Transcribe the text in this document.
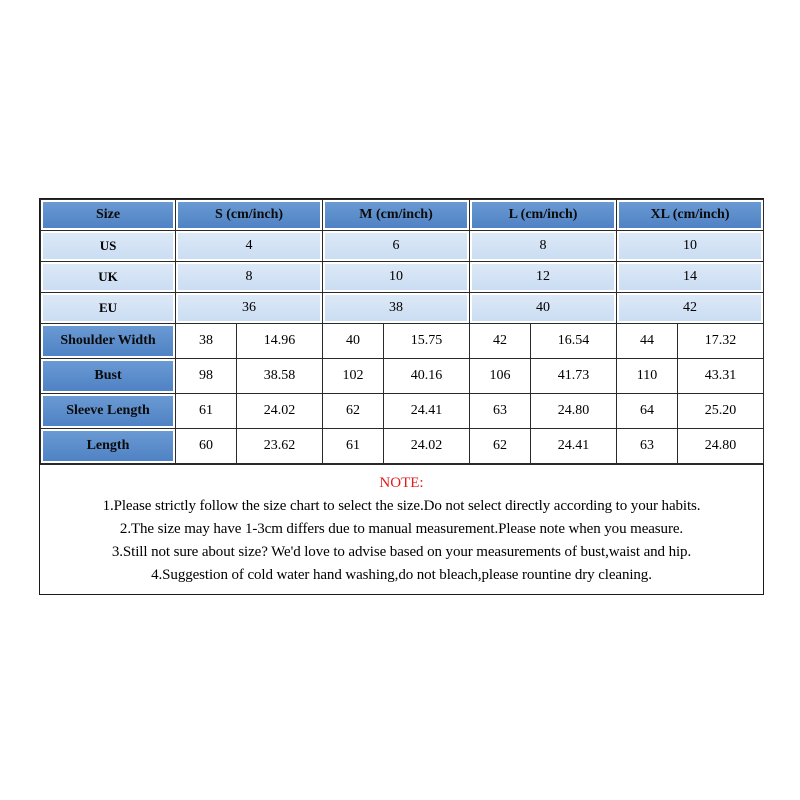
Size	S (cm/inch)		M (cm/inch)		L (cm/inch)		XL (cm/inch)	
US	4		6		8		10	
UK	8		10		12		14	
EU	36		38		40		42	
Shoulder Width	38	14.96	40	15.75	42	16.54	44	17.32
Bust	98	38.58	102	40.16	106	41.73	110	43.31
Sleeve Length	61	24.02	62	24.41	63	24.80	64	25.20
Length	60	23.62	61	24.02	62	24.41	63	24.80
NOTE:
1.Please strictly follow the size chart to select the size.Do not select directly according to your habits.
2.The size may have 1-3cm differs due to manual measurement.Please note when you measure.
3.Still not sure about size? We'd love to advise based on your measurements of bust,waist and hip.
4.Suggestion of cold water hand washing,do not bleach,please rountine dry cleaning.
